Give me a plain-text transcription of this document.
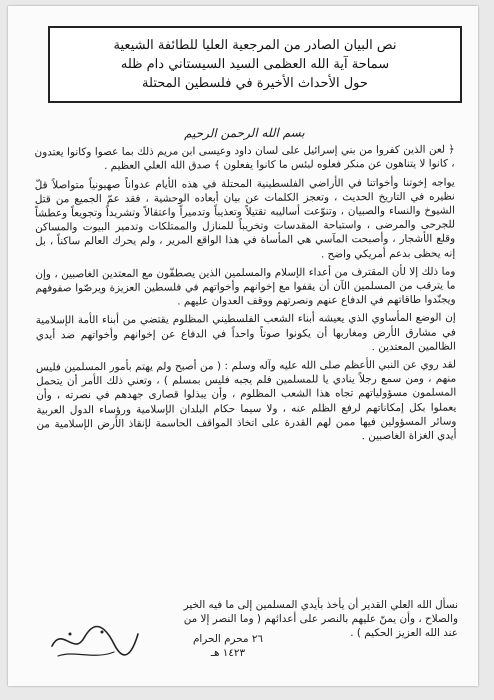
نص البيان الصادر من المرجعية العليا للطائفة الشيعية
سماحة آية الله العظمى السيد السيستاني دام ظله
حول الأحداث الأخيرة في فلسطين المحتلة
بسم الله الرحمن الرحيم
﴿ لعن الذين كفروا من بني إسرائيل على لسان داود وعيسى ابن مريم ذلك بما عصوا وكانوا يعتدون ، كانوا لا يتناهون عن منكر فعلوه لبئس ما كانوا يفعلون ﴾ صدق الله العلي العظيم .
يواجه إخوتنا وأخواتنا في الأراضي الفلسطينية المحتلة في هذه الأيام عدواناً صهيونياً متواصلاً قلّ نظيره في التاريخ الحديث ، وتعجز الكلمات عن بيان أبعاده الوحشية ، فقد عمّ الجميع من قتل الشيوخ والنساء والصبيان ، وتنوّعت أساليبه تقتيلاً وتعذيباً وتدميراً واعتقالاً وتشريداً وتجويعاً وعطشاً للجرحى والمرضى ، واستباحة المقدسات وتخريباً للمنازل والممتلكات وتدمير البيوت والمساكن وقلع الأشجار ، وأصبحت المآسي هي المأساة في هذا الواقع المرير ، ولم يحرك العالم ساكناً ، بل إنه يحظى بدعم أمريكي واضح .
وما ذلك إلا لأن المقترف من أعداء الإسلام والمسلمين الذين يصطفّون مع المعتدين الغاصبين ، وإن ما يترقب من المسلمين الآن أن يقفوا مع إخوانهم وأخواتهم في فلسطين العزيزة ويرصّوا صفوفهم ويجنّدوا طاقاتهم في الدفاع عنهم ونصرتهم ووقف العدوان عليهم .
إن الوضع المأساوي الذي يعيشه أبناء الشعب الفلسطيني المظلوم يقتضي من أبناء الأمة الإسلامية في مشارق الأرض ومغاربها أن يكونوا صوتاً واحداً في الدفاع عن إخوانهم وأخواتهم ضد أيدي الظالمين المعتدين .
لقد روي عن النبي الأعظم صلى الله عليه وآله وسلم : ( من أصبح ولم يهتم بأمور المسلمين فليس منهم ، ومن سمع رجلاً ينادي يا للمسلمين فلم يجبه فليس بمسلم ) ، وتعني ذلك الأمر أن يتحمل المسلمون مسؤولياتهم تجاه هذا الشعب المظلوم ، وأن يبذلوا قصارى جهدهم في نصرته ، وأن يعملوا بكل إمكاناتهم لرفع الظلم عنه ، ولا سيما حكام البلدان الإسلامية ورؤساء الدول العربية وسائر المسؤولين فيها ممن لهم القدرة على اتخاذ المواقف الحاسمة لإنقاذ الأرض الإسلامية من أيدي الغزاة الغاصبين .
نسأل الله العلي القدير أن يأخذ بأيدي المسلمين إلى ما فيه الخير والصلاح ، وأن يمنّ عليهم بالنصر على أعدائهم ( وما النصر إلا من عند الله العزيز الحكيم ) .
٢٦ محرم الحرام
١٤٢٣ هـ
